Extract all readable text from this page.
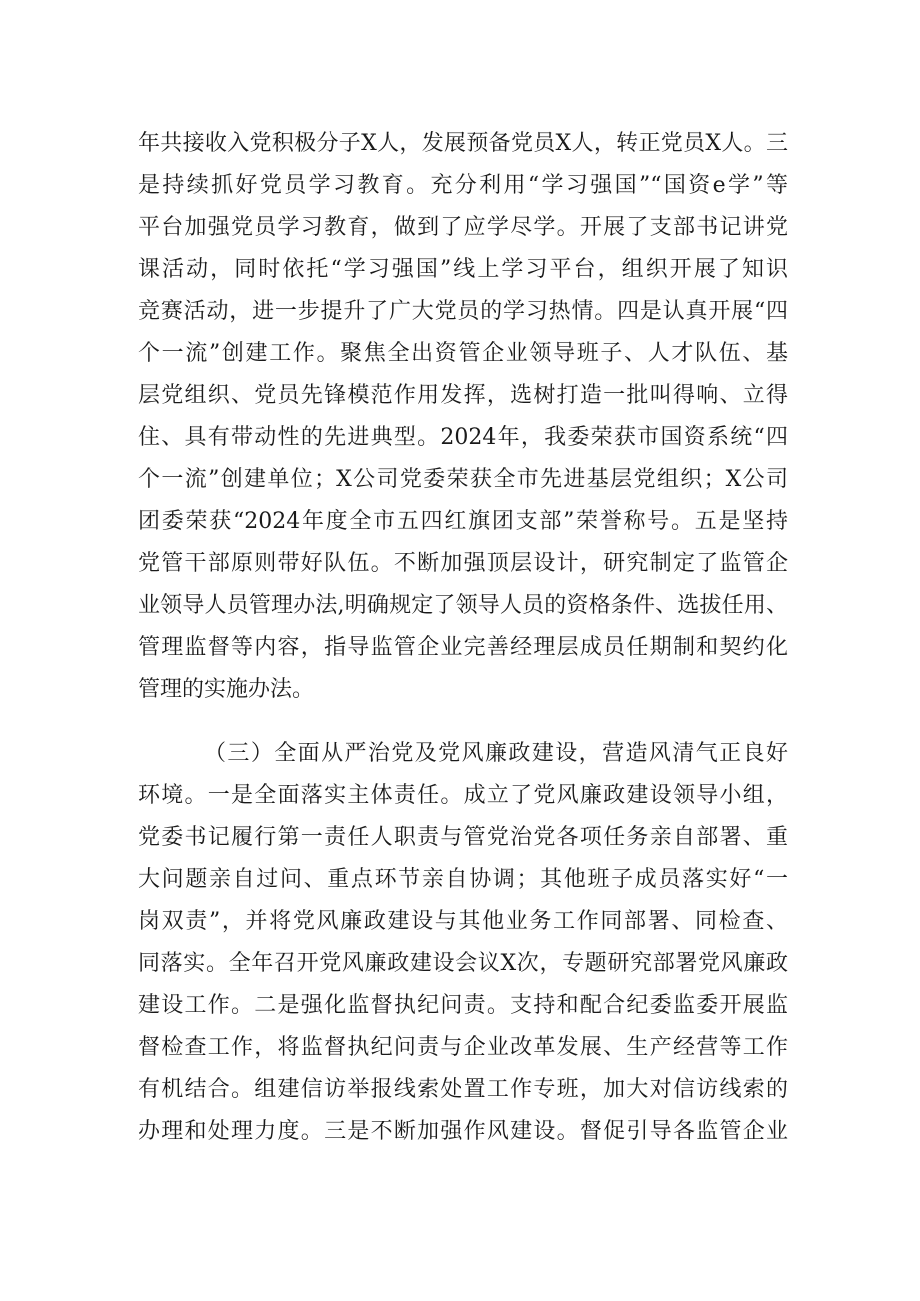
年共接收入党积极分子X人，发展预备党员X人，转正党员X人。三
是持续抓好党员学习教育。充分利用“学习强国”“国资e学”等
平台加强党员学习教育，做到了应学尽学。开展了支部书记讲党
课活动，同时依托“学习强国”线上学习平台，组织开展了知识
竞赛活动，进一步提升了广大党员的学习热情。四是认真开展“四
个一流”创建工作。聚焦全出资管企业领导班子、人才队伍、基
层党组织、党员先锋模范作用发挥，选树打造一批叫得响、立得
住、具有带动性的先进典型。2024年，我委荣获市国资系统“四
个一流”创建单位；X公司党委荣获全市先进基层党组织；X公司
团委荣获“2024年度全市五四红旗团支部”荣誉称号。五是坚持
党管干部原则带好队伍。不断加强顶层设计，研究制定了监管企
业领导人员管理办法,明确规定了领导人员的资格条件、选拔任用、
管理监督等内容，指导监管企业完善经理层成员任期制和契约化
管理的实施办法。
（三）全面从严治党及党风廉政建设，营造风清气正良好
环境。一是全面落实主体责任。成立了党风廉政建设领导小组，
党委书记履行第一责任人职责与管党治党各项任务亲自部署、重
大问题亲自过问、重点环节亲自协调；其他班子成员落实好“一
岗双责”，并将党风廉政建设与其他业务工作同部署、同检查、
同落实。全年召开党风廉政建设会议X次，专题研究部署党风廉政
建设工作。二是强化监督执纪问责。支持和配合纪委监委开展监
督检查工作，将监督执纪问责与企业改革发展、生产经营等工作
有机结合。组建信访举报线索处置工作专班，加大对信访线索的
办理和处理力度。三是不断加强作风建设。督促引导各监管企业
